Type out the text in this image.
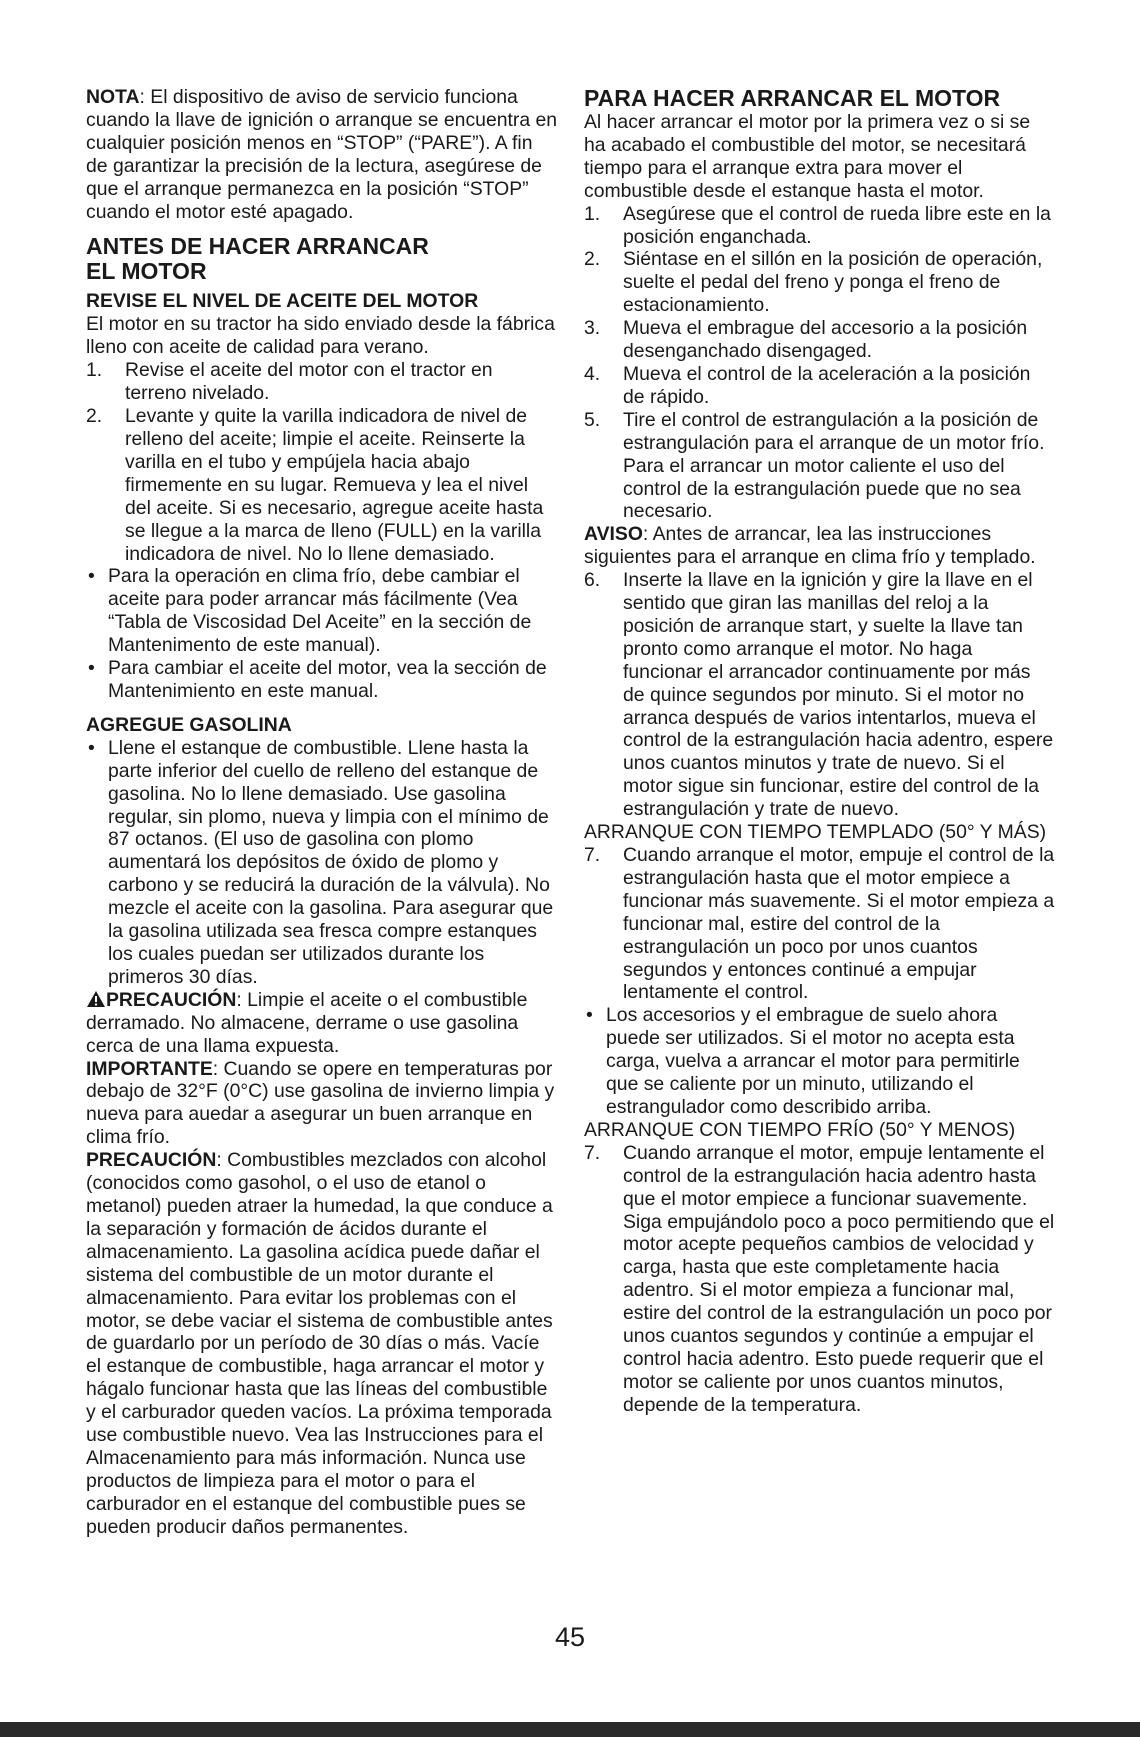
NOTA: El dispositivo de aviso de servicio funciona cuando la llave de ignición o arranque se encuentra en cualquier posición menos en “STOP” (“PARE”). A fin de garantizar la precisión de la lectura, asegúrese de que el arranque permanezca en la posición “STOP” cuando el motor esté apagado.

ANTES DE HACER ARRANCAR
EL MOTOR
REVISE EL NIVEL DE ACEITE DEL MOTOR

El motor en su tractor ha sido enviado desde la fábrica lleno con aceite de calidad para verano.

1. Revise el aceite del motor con el tractor en terreno nivelado.
2. Levante y quite la varilla indicadora de nivel de relleno del aceite; limpie el aceite. Reinserte la varilla en el tubo y empújela hacia abajo firmemente en su lugar. Remueva y lea el nivel del aceite. Si es necesario, agregue aceite hasta se llegue a la marca de lleno (FULL) en la varilla indicadora de nivel. No lo llene demasiado.
• Para la operación en clima frío, debe cambiar el aceite para poder arrancar más fácilmente (Vea “Tabla de Viscosidad Del Aceite” en la sección de Mantenimento de este manual).
• Para cambiar el aceite del motor, vea la sección de Mantenimiento en este manual.
AGREGUE GASOLINA
• Llene el estanque de combustible. Llene hasta la parte inferior del cuello de relleno del estanque de gasolina. No lo llene demasiado. Use gasolina regular, sin plomo, nueva y limpia con el mínimo de 87 octanos. (El uso de gasolina con plomo aumentará los depósitos de óxido de plomo y carbono y se reducirá la duración de la válvula). No mezcle el aceite con la gasolina. Para asegurar que la gasolina utilizada sea fresca compre estanques los cuales puedan ser utilizados durante los primeros 30 días.

PRECAUCIÓN: Limpie el aceite o el combustible derramado. No almacene, derrame o use gasolina cerca de una llama expuesta.

IMPORTANTE: Cuando se opere en temperaturas por debajo de 32°F (0°C) use gasolina de invierno limpia y nueva para auedar a asegurar un buen arranque en clima frío.

PRECAUCIÓN: Combustibles mezclados con alcohol (conocidos como gasohol, o el uso de etanol o metanol) pueden atraer la humedad, la que conduce a la separación y formación de ácidos durante el almacenamiento. La gasolina acídica puede dañar el sistema del combustible de un motor durante el almacenamiento. Para evitar los problemas con el motor, se debe vaciar el sistema de combustible antes de guardarlo por un período de 30 días o más. Vacíe el estanque de combustible, haga arrancar el motor y hágalo funcionar hasta que las líneas del combustible y el carburador queden vacíos. La próxima temporada use combustible nuevo. Vea las Instrucciones para el Almacenamiento para más información. Nunca use productos de limpieza para el motor o para el carburador en el estanque del combustible pues se pueden producir daños permanentes.

PARA HACER ARRANCAR EL MOTOR

Al hacer arrancar el motor por la primera vez o si se ha acabado el combustible del motor, se necesitará tiempo para el arranque extra para mover el combustible desde el estanque hasta el motor.

1. Asegúrese que el control de rueda libre este en la posición enganchada.
2. Siéntase en el sillón en la posición de operación, suelte el pedal del freno y ponga el freno de estacionamiento.
3. Mueva el embrague del accesorio a la posición desenganchado disengaged.
4. Mueva el control de la aceleración a la posición de rápido.
5. Tire el control de estrangulación a la posición de estrangulación para el arranque de un motor frío. Para el arrancar un motor caliente el uso del control de la estrangulación puede que no sea necesario.

AVISO: Antes de arrancar, lea las instrucciones siguientes para el arranque en clima frío y templado.

6. Inserte la llave en la ignición y gire la llave en el sentido que giran las manillas del reloj a la posición de arranque start, y suelte la llave tan pronto como arranque el motor. No haga funcionar el arrancador continuamente por más de quince segundos por minuto. Si el motor no arranca después de varios intentarlos, mueva el control de la estrangulación hacia adentro, espere unos cuantos minutos y trate de nuevo. Si el motor sigue sin funcionar, estire del control de la estrangulación y trate de nuevo.

ARRANQUE CON TIEMPO TEMPLADO (50° Y MÁS)

7. Cuando arranque el motor, empuje el control de la estrangulación hasta que el motor empiece a funcionar más suavemente. Si el motor empieza a funcionar mal, estire del control de la estrangulación un poco por unos cuantos segundos y entonces continué a empujar lentamente el control.
• Los accesorios y el embrague de suelo ahora puede ser utilizados. Si el motor no acepta esta carga, vuelva a arrancar el motor para permitirle que se caliente por un minuto, utilizando el estrangulador como describido arriba.

ARRANQUE CON TIEMPO FRÍO (50° Y MENOS)

7. Cuando arranque el motor, empuje lentamente el control de la estrangulación hacia adentro hasta que el motor empiece a funcionar suavemente. Siga empujándolo poco a poco permitiendo que el motor acepte pequeños cambios de velocidad y carga, hasta que este completamente hacia adentro. Si el motor empieza a funcionar mal, estire del control de la estrangulación un poco por unos cuantos segundos y continúe a empujar el control hacia adentro. Esto puede requerir que el motor se caliente por unos cuantos minutos, depende de la temperatura.
45
